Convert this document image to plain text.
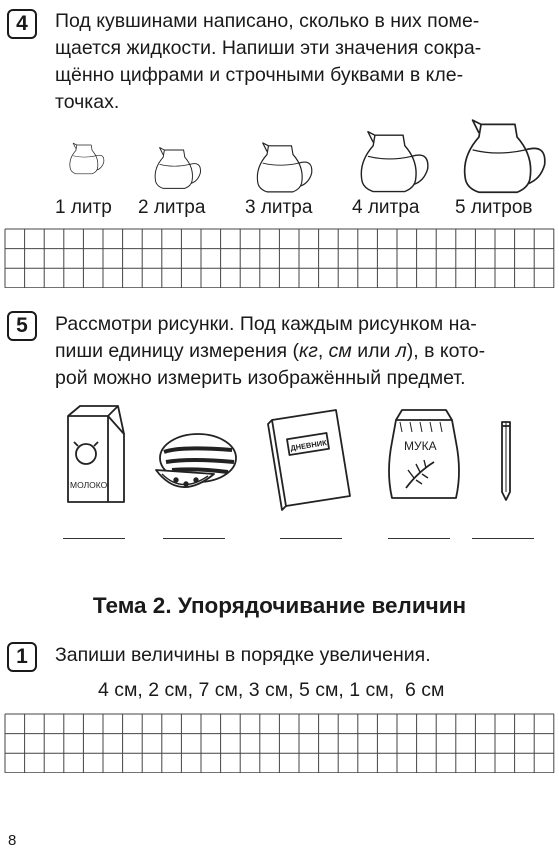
4	Под кувшинами написано, сколько в них поме-
щается жидкости. Напиши эти значения сокра-
щённо цифрами и строчными буквами в кле-
точках.
1 литр 2 литра 3 литра 4 литра 5 литров
5	Рассмотри рисунки. Под каждым рисунком на-
пиши единицу измерения (кг, см или л), в кото-
рой можно измерить изображённый предмет.
МОЛОКО
ДНЕВНИК	МУКА
Тема 2. Упорядочивание величин
1	Запиши величины в порядке увеличения.
4 см, 2 см, 7 см, 3 см, 5 см, 1 см,  6 см
8
